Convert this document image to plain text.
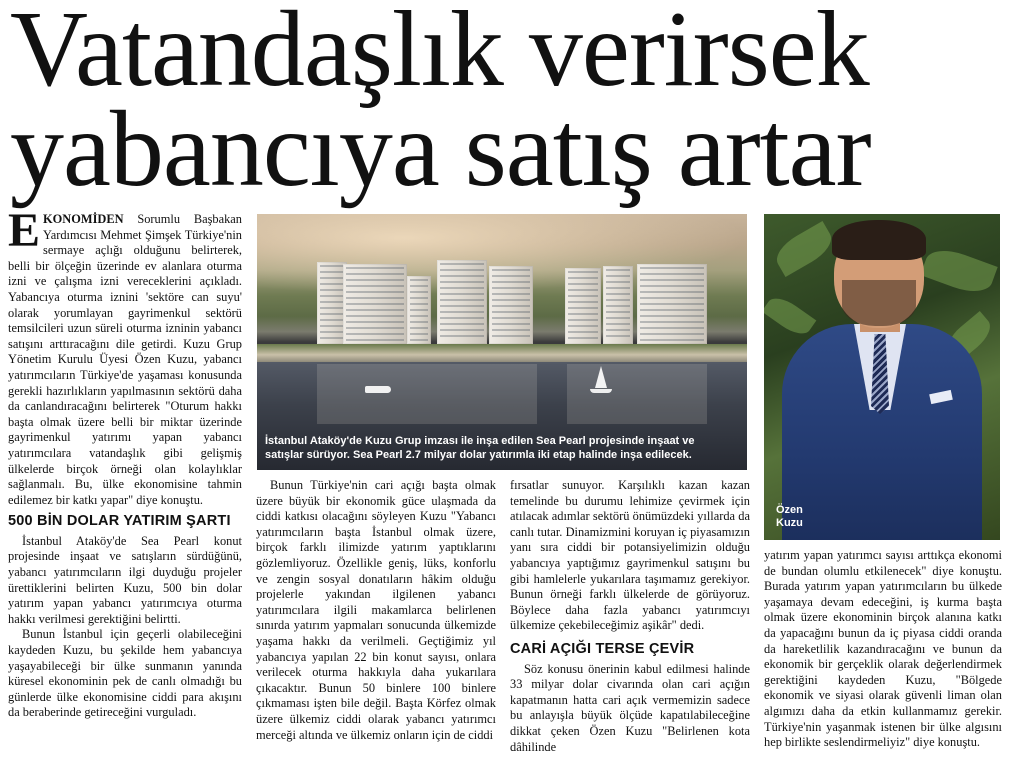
Vatandaşlık verirsek yabancıya satış artar

EKONOMİDEN Sorumlu Başbakan Yardımcısı Mehmet Şimşek Türkiye'nin sermaye açlığı olduğunu belirterek, belli bir ölçeğin üzerinde ev alanlara oturma izni ve çalışma izni vereceklerini açıkladı. Yabancıya oturma iznini 'sektöre can suyu' olarak yorumlayan gayrimenkul sektörü temsilcileri uzun süreli oturma izninin yabancı satışını arttıracağını dile getirdi. Kuzu Grup Yönetim Kurulu Üyesi Özen Kuzu, yabancı yatırımcıların Türkiye'de yaşaması konusunda gerekli hazırlıkların yapılmasının sektörü daha da canlandıracağını belirterek "Oturum hakkı başta olmak üzere belli bir miktar üzerinde gayrimenkul yatırımı yapan yabancı yatırımcılara vatandaşlık gibi gelişmiş ülkelerde birçok örneği olan kolaylıklar sağlanmalı. Bu, ülke ekonomisine tahmin edilemez bir katkı yapar" diye konuştu.

500 BİN DOLAR YATIRIM ŞARTI

İstanbul Ataköy'de Sea Pearl konut projesinde inşaat ve satışların sürdüğünü, yabancı yatırımcıların ilgi duyduğu projeler ürettiklerini belirten Kuzu, 500 bin dolar yatırım yapan yabancı yatırımcıya oturma hakkı verilmesi gerektiğini belirtti.

Bunun İstanbul için geçerli olabileceğini kaydeden Kuzu, bu şekilde hem yabancıya yaşayabileceği bir ülke sunmanın yanında küresel ekonominin pek de canlı olmadığı bu günlerde ülke ekonomisine ciddi para akışını da beraberinde getireceğini vurguladı.

İstanbul Ataköy'de Kuzu Grup imzası ile inşa edilen Sea Pearl projesinde inşaat ve satışlar sürüyor. Sea Pearl 2.7 milyar dolar yatırımla iki etap halinde inşa edilecek.
Özen
Kuzu

Bunun Türkiye'nin cari açığı başta olmak üzere büyük bir ekonomik güce ulaşmada da ciddi katkısı olacağını söyleyen Kuzu "Yabancı yatırımcıların başta İstanbul olmak üzere, birçok farklı ilimizde yatırım yaptıklarını gözlemliyoruz. Özellikle geniş, lüks, konforlu ve zengin sosyal donatıların hâkim olduğu projelerle yakından ilgilenen yabancı yatırımcılara ilgili makamlarca belirlenen sınırda yatırım yapmaları sonucunda ülkemizde yaşama hakkı da verilmeli. Geçtiğimiz yıl yabancıya yapılan 22 bin konut sayısı, onlara verilecek oturma hakkıyla daha yukarılara çıkacaktır. Bunun 50 binlere 100 binlere çıkmaması işten bile değil. Başta Körfez olmak üzere ülkemiz ciddi olarak yabancı yatırımcı merceği altında ve ülkemiz onların için de ciddi

fırsatlar sunuyor. Karşılıklı kazan kazan temelinde bu durumu lehimize çevirmek için atılacak adımlar sektörü önümüzdeki yıllarda da canlı tutar. Dinamizmini koruyan iç piyasamızın yanı sıra ciddi bir potansiyelimizin olduğu yabancıya yaptığımız gayrimenkul satışını bu gibi hamlelerle yukarılara taşımamız gerekiyor. Bunun örneği farklı ülkelerde de görüyoruz. Böylece daha fazla yabancı yatırımcıyı ülkemize çekebileceğimiz aşikâr" dedi.

CARİ AÇIĞI TERSE ÇEVİR

Söz konusu önerinin kabul edilmesi halinde 33 milyar dolar civarında olan cari açığın kapatmanın hatta cari açık vermemizin sadece bu anlayışla büyük ölçüde kapatılabileceğine dikkat çeken Özen Kuzu "Belirlenen kota dâhilinde

yatırım yapan yatırımcı sayısı arttıkça ekonomi de bundan olumlu etkilenecek" diye konuştu. Burada yatırım yapan yatırımcıların bu ülkede yaşamaya devam edeceğini, iş kurma başta olmak üzere ekonominin birçok alanına katkı da yapacağını bunun da iç piyasa ciddi oranda da hareketlilik kazandıracağını ve bunun da ekonomik bir gerçeklik olarak değerlendirmek gerektiğini kaydeden Kuzu, "Bölgede ekonomik ve siyasi olarak güvenli liman olan algımızı daha da etkin kullanmamız gerekir. Türkiye'nin yaşanmak istenen bir ülke algısını hep birlikte seslendirmeliyiz" diye konuştu.
